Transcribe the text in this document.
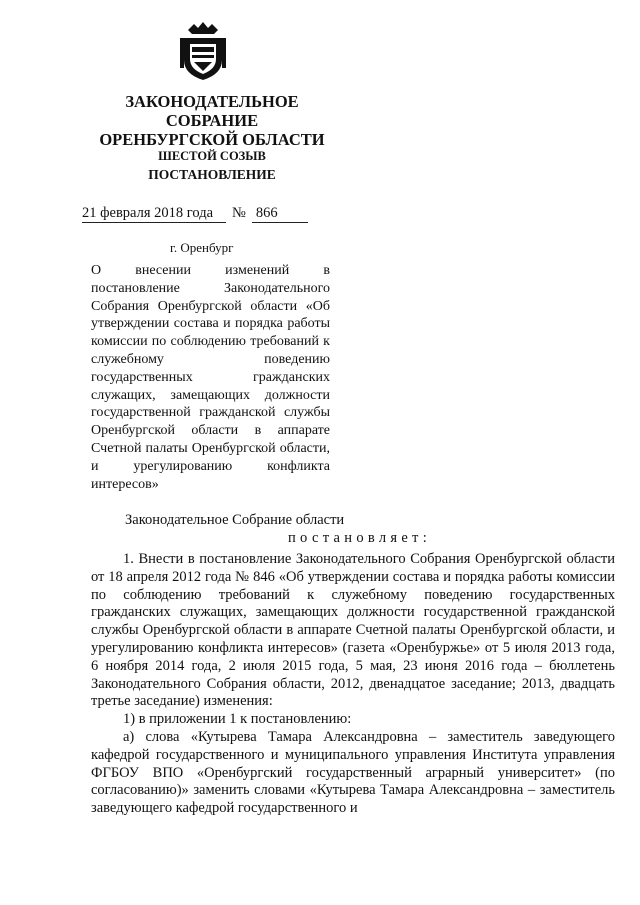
ЗАКОНОДАТЕЛЬНОЕ
СОБРАНИЕ
ОРЕНБУРГСКОЙ ОБЛАСТИ
ШЕСТОЙ СОЗЫВ
ПОСТАНОВЛЕНИЕ
21 февраля 2018 года № 866
г. Оренбург
О внесении изменений в постановление Законодательного Собрания Оренбургской области «Об утверждении состава и порядка работы комиссии по соблюдению требований к служебному поведению государственных гражданских служащих, замещающих должности государственной гражданской службы Оренбургской области в аппарате Счетной палаты Оренбургской области, и урегулированию конфликта интересов»
Законодательное Собрание области
постановляет:

1. Внести в постановление Законодательного Собрания Оренбургской области от 18 апреля 2012 года № 846 «Об утверждении состава и порядка работы комиссии по соблюдению требований к служебному поведению государственных гражданских служащих, замещающих должности государственной гражданской службы Оренбургской области в аппарате Счетной палаты Оренбургской области, и урегулированию конфликта интересов» (газета «Оренбуржье» от 5 июля 2013 года, 6 ноября 2014 года, 2 июля 2015 года, 5 мая, 23 июня 2016 года – бюллетень Законодательного Собрания области, 2012, двенадцатое заседание; 2013, двадцать третье заседание) изменения:

1) в приложении 1 к постановлению:

а) слова «Кутырева Тамара Александровна – заместитель заведующего кафедрой государственного и муниципального управления Института управления ФГБОУ ВПО «Оренбургский государственный аграрный университет» (по согласованию)» заменить словами «Кутырева Тамара Александровна – заместитель заведующего кафедрой государственного и
